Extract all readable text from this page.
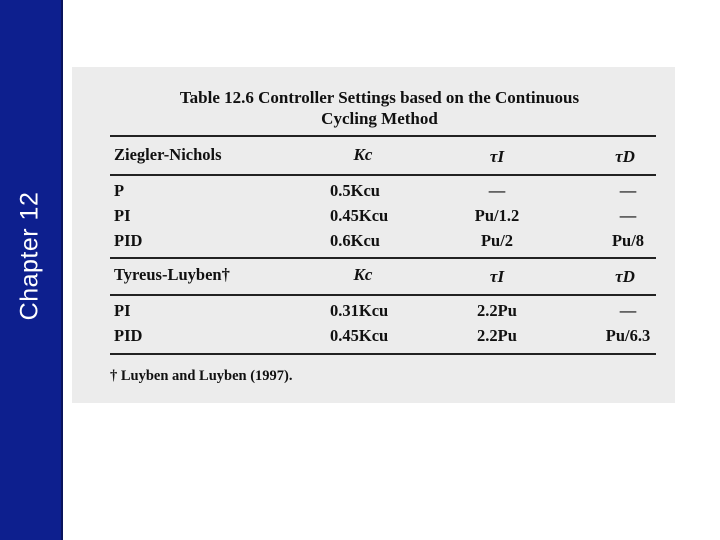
Chapter 12
Table 12.6 Controller Settings based on the Continuous
Cycling Method
Ziegler-Nichols	Kc	τI	τD
P	0.5Kcu	—	—
PI	0.45Kcu	Pu/1.2	—
PID	0.6Kcu	Pu/2	Pu/8
Tyreus-Luyben†	Kc	τI	τD
PI	0.31Kcu	2.2Pu	—
PID	0.45Kcu	2.2Pu	Pu/6.3
† Luyben and Luyben (1997).
